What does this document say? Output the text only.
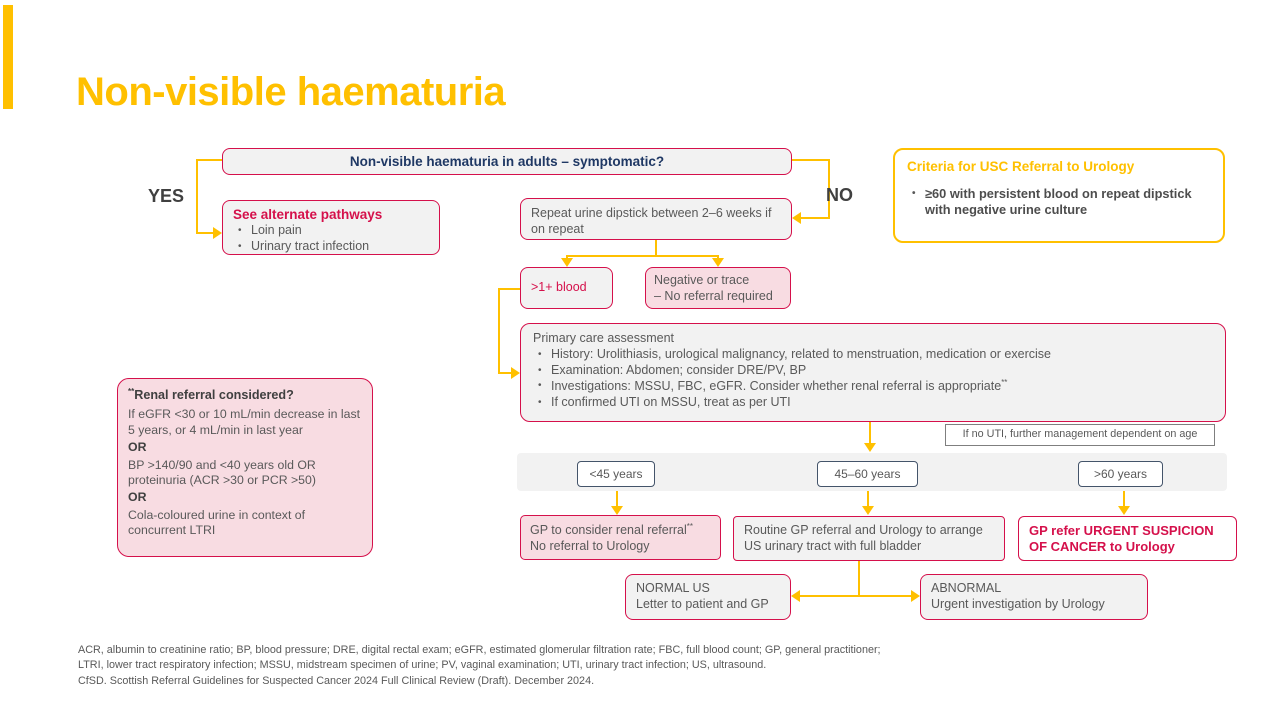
Non-visible haematuria
Non-visible haematuria in adults – symptomatic?
YES	NO
See alternate pathways
• Loin pain
• Urinary tract infection
Criteria for USC Referral to Urology
• ≥60 with persistent blood on repeat dipstick with negative urine culture
Repeat urine dipstick between 2–6 weeks if on repeat
>1+ blood
Negative or trace
– No referral required
Primary care assessment
• History: Urolithiasis, urological malignancy, related to menstruation, medication or exercise
• Examination: Abdomen; consider DRE/PV, BP
• Investigations: MSSU, FBC, eGFR. Consider whether renal referral is appropriate**
• If confirmed UTI on MSSU, treat as per UTI
If no UTI, further management dependent on age
<45 years	45–60 years	>60 years
GP to consider renal referral**
No referral to Urology
Routine GP referral and Urology to arrange US urinary tract with full bladder
GP refer URGENT SUSPICION
OF CANCER to Urology
NORMAL US
Letter to patient and GP
ABNORMAL
Urgent investigation by Urology
**Renal referral considered?
If eGFR <30 or 10 mL/min decrease in last 5 years, or 4 mL/min in last year
OR
BP >140/90 and <40 years old OR proteinuria (ACR >30 or PCR >50)
OR
Cola-coloured urine in context of concurrent LTRI
ACR, albumin to creatinine ratio; BP, blood pressure; DRE, digital rectal exam; eGFR, estimated glomerular filtration rate; FBC, full blood count; GP, general practitioner;
LTRI, lower tract respiratory infection; MSSU, midstream specimen of urine; PV, vaginal examination; UTI, urinary tract infection; US, ultrasound.
CfSD. Scottish Referral Guidelines for Suspected Cancer 2024 Full Clinical Review (Draft). December 2024.
